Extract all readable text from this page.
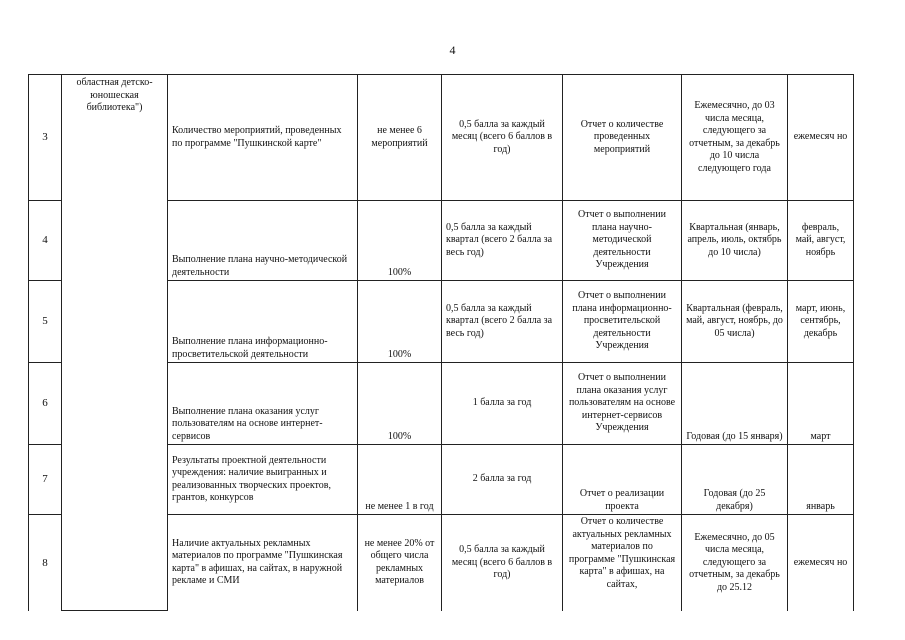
4
3	областная детско-юношеская библиотека")	Количество мероприятий, проведенных по программе "Пушкинской карте"	не менее 6 мероприятий	0,5 балла за каждый месяц (всего 6 баллов в год)	Отчет о количестве проведенных мероприятий	Ежемесячно, до 03 числа месяца, следующего за отчетным, за декабрь до 10 числа следующего года	ежемесяч но
4		Выполнение плана научно-методической деятельности	100%	0,5 балла за каждый квартал (всего 2 балла за весь год)	Отчет о выполнении плана научно-методической деятельности Учреждения	Квартальная (январь, апрель, июль, октябрь до 10 числа)	февраль, май, август, ноябрь
5		Выполнение плана информационно-просветительской деятельности	100%	0,5 балла за каждый квартал (всего 2 балла за весь год)	Отчет о выполнении плана информационно-просветительской деятельности Учреждения	Квартальная (февраль, май, август, ноябрь, до 05 числа)	март, июнь, сентябрь, декабрь
6		Выполнение плана оказания услуг пользователям на основе интернет-сервисов	100%	1 балла за год	Отчет о выполнении плана оказания услуг пользователям на основе интернет-сервисов Учреждения	Годовая (до 15 января)	март
7		Результаты проектной деятельности учреждения: наличие выигранных и реализованных творческих проектов, грантов, конкурсов	не менее 1 в год	2 балла за год	Отчет о реализации проекта	Годовая (до 25 декабря)	январь
8		Наличие актуальных рекламных материалов по программе "Пушкинская карта" в афишах, на сайтах, в наружной рекламе и СМИ	не менее 20% от общего числа рекламных материалов	0,5 балла за каждый месяц (всего 6 баллов в год)	Отчет о количестве актуальных рекламных материалов по программе "Пушкинская карта" в афишах, на сайтах,	Ежемесячно, до 05 числа месяца, следующего за отчетным, за декабрь до 25.12	ежемесяч но
